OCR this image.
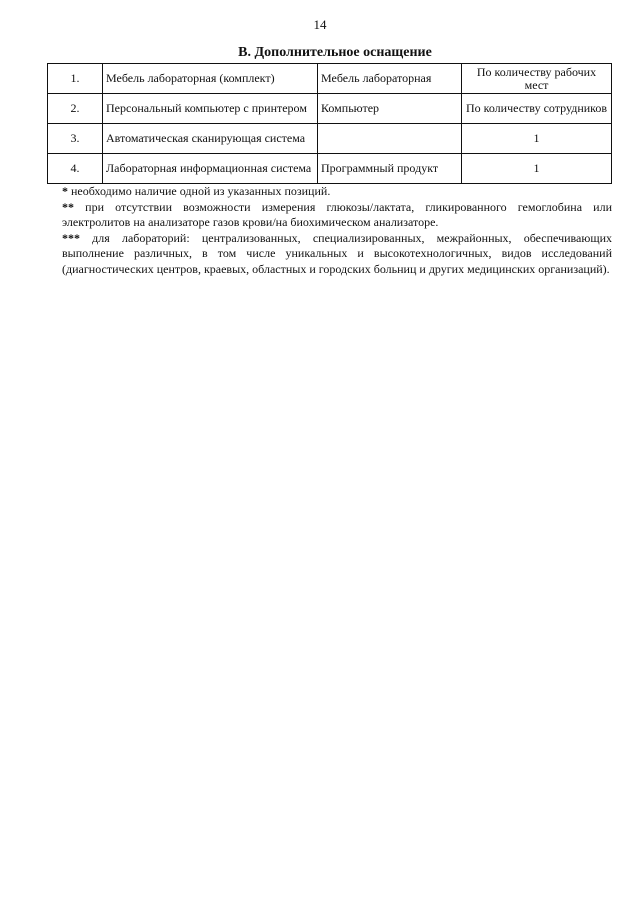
14
В. Дополнительное оснащение
1.	Мебель лабораторная (комплект)	Мебель лабораторная	По количеству рабочих мест
2.	Персональный компьютер с принтером	Компьютер	По количеству сотрудников
3.	Автоматическая сканирующая система		1
4.	Лабораторная информационная система	Программный продукт	1

* необходимо наличие одной из указанных позиций.

** при отсутствии возможности измерения глюкозы/лактата, гликированного гемоглобина или электролитов на анализаторе газов крови/на биохимическом анализаторе.

*** для лабораторий: централизованных, специализированных, межрайонных, обеспечивающих выполнение различных, в том числе уникальных и высокотехнологичных, видов исследований (диагностических центров, краевых, областных и городских больниц и других медицинских организаций).
